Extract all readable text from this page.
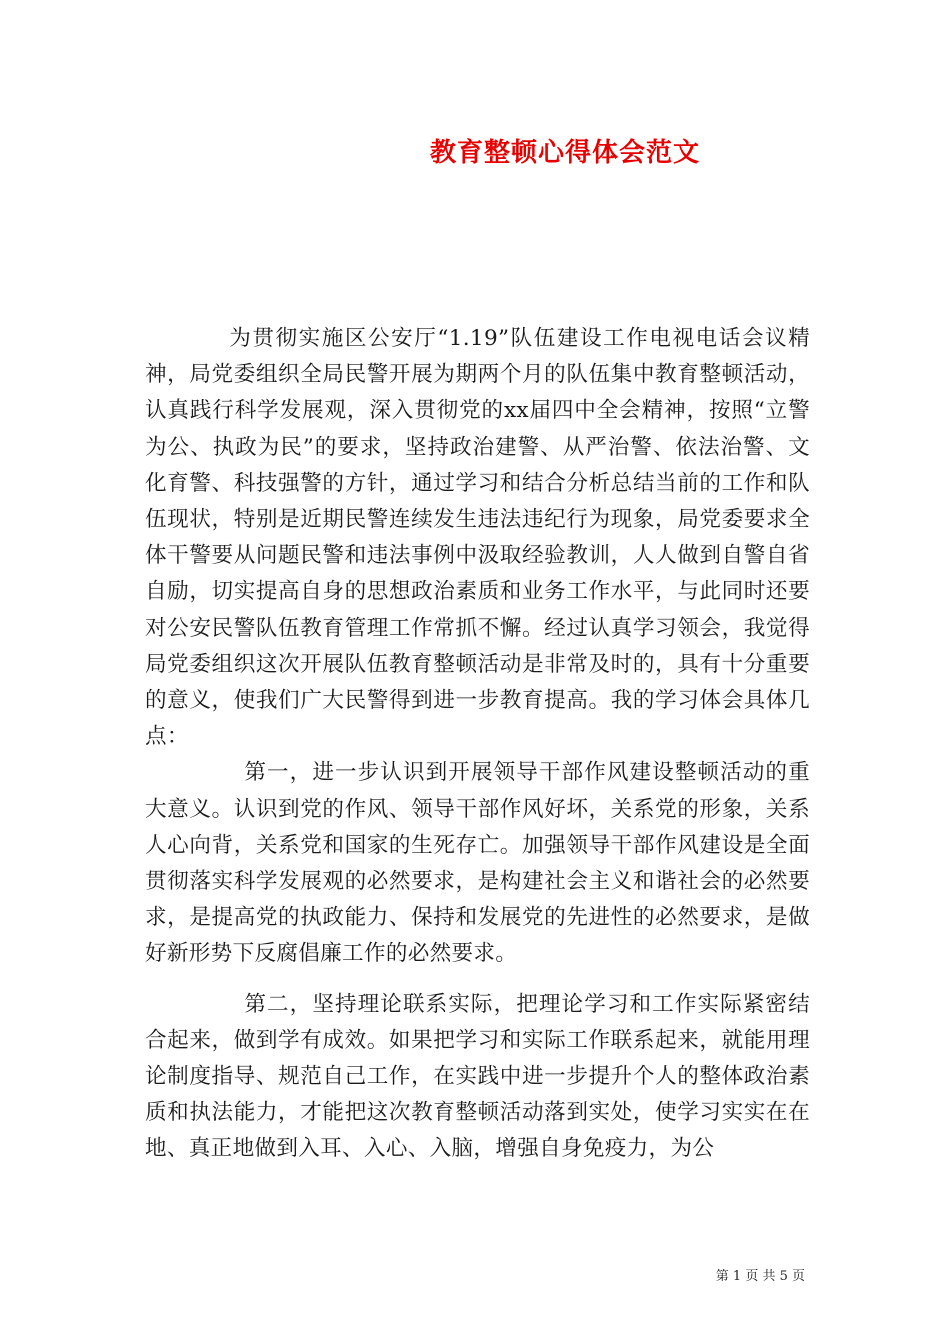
教育整顿心得体会范文

为贯彻实施区公安厅“1.19”队伍建设工作电视电话会议精神，局党委组织全局民警开展为期两个月的队伍集中教育整顿活动，认真践行科学发展观，深入贯彻党的xx届四中全会精神，按照“立警为公、执政为民”的要求，坚持政治建警、从严治警、依法治警、文化育警、科技强警的方针，通过学习和结合分析总结当前的工作和队伍现状，特别是近期民警连续发生违法违纪行为现象，局党委要求全体干警要从问题民警和违法事例中汲取经验教训，人人做到自警自省自励，切实提高自身的思想政治素质和业务工作水平，与此同时还要对公安民警队伍教育管理工作常抓不懈。经过认真学习领会，我觉得局党委组织这次开展队伍教育整顿活动是非常及时的，具有十分重要的意义，使我们广大民警得到进一步教育提高。我的学习体会具体几点：

第一，进一步认识到开展领导干部作风建设整顿活动的重大意义。认识到党的作风、领导干部作风好坏，关系党的形象，关系人心向背，关系党和国家的生死存亡。加强领导干部作风建设是全面贯彻落实科学发展观的必然要求，是构建社会主义和谐社会的必然要求，是提高党的执政能力、保持和发展党的先进性的必然要求，是做好新形势下反腐倡廉工作的必然要求。

第二，坚持理论联系实际，把理论学习和工作实际紧密结合起来，做到学有成效。如果把学习和实际工作联系起来，就能用理论制度指导、规范自己工作，在实践中进一步提升个人的整体政治素质和执法能力，才能把这次教育整顿活动落到实处，使学习实实在在地、真正地做到入耳、入心、入脑，增强自身免疫力，为公

第 1 页 共 5 页
